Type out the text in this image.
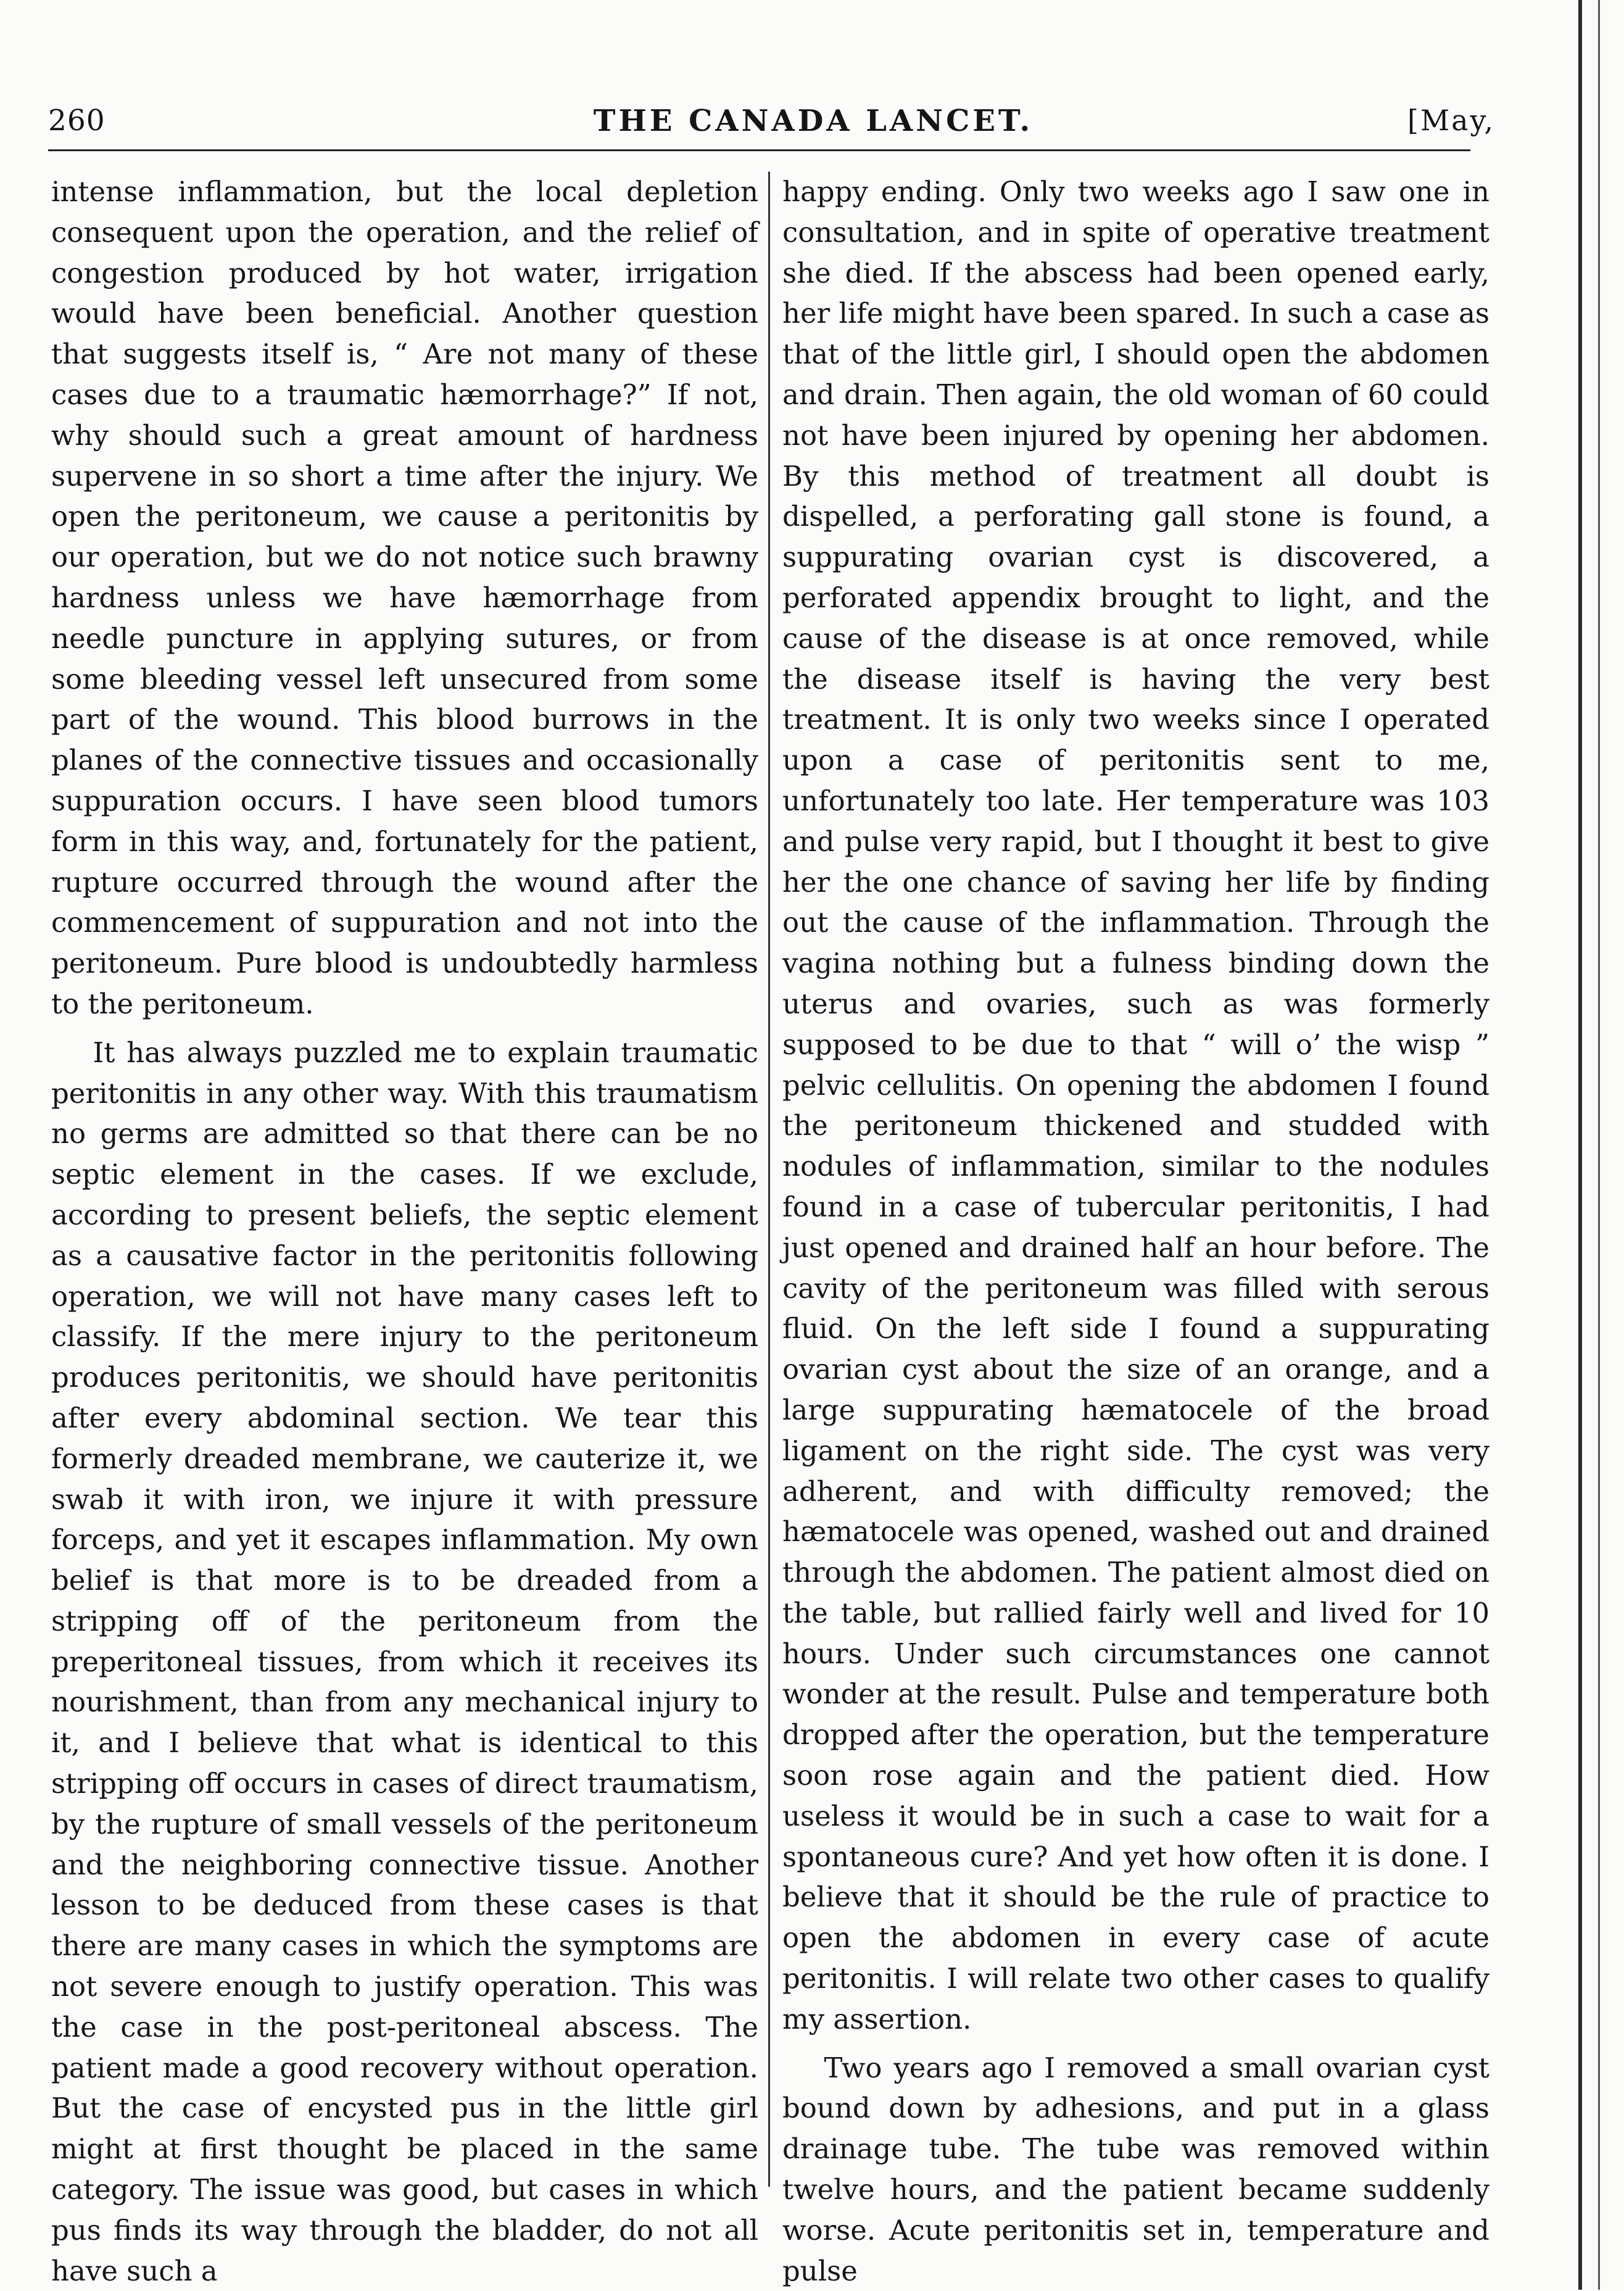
260	THE CANADA LANCET.	[May,

intense inflammation, but the local depletion consequent upon the operation, and the relief of congestion produced by hot water, irrigation would have been beneficial. Another question that suggests itself is, “ Are not many of these cases due to a traumatic hæmorrhage?” If not, why should such a great amount of hardness supervene in so short a time after the injury. We open the peritoneum, we cause a peritonitis by our operation, but we do not notice such brawny hardness unless we have hæmorrhage from needle puncture in applying sutures, or from some bleeding vessel left unsecured from some part of the wound. This blood burrows in the planes of the connective tissues and occasionally suppuration occurs. I have seen blood tumors form in this way, and, fortunately for the patient, rupture occurred through the wound after the commencement of suppuration and not into the peritoneum. Pure blood is undoubtedly harmless to the peritoneum.

It has always puzzled me to explain traumatic peritonitis in any other way. With this traumatism no germs are admitted so that there can be no septic element in the cases. If we exclude, according to present beliefs, the septic element as a causative factor in the peritonitis following operation, we will not have many cases left to classify. If the mere injury to the peritoneum produces peritonitis, we should have peritonitis after every abdominal section. We tear this formerly dreaded membrane, we cauterize it, we swab it with iron, we injure it with pressure forceps, and yet it escapes inflammation. My own belief is that more is to be dreaded from a stripping off of the peritoneum from the preperitoneal tissues, from which it receives its nourishment, than from any mechanical injury to it, and I believe that what is identical to this stripping off occurs in cases of direct traumatism, by the rupture of small vessels of the peritoneum and the neighboring connective tissue. Another lesson to be deduced from these cases is that there are many cases in which the symptoms are not severe enough to justify operation. This was the case in the post-peritoneal abscess. The patient made a good recovery without operation. But the case of encysted pus in the little girl might at first thought be placed in the same category. The issue was good, but cases in which pus finds its way through the bladder, do not all have such a

happy ending. Only two weeks ago I saw one in consultation, and in spite of operative treatment she died. If the abscess had been opened early, her life might have been spared. In such a case as that of the little girl, I should open the abdomen and drain. Then again, the old woman of 60 could not have been injured by opening her abdomen. By this method of treatment all doubt is dispelled, a perforating gall stone is found, a suppurating ovarian cyst is discovered, a perforated appendix brought to light, and the cause of the disease is at once removed, while the disease itself is having the very best treatment. It is only two weeks since I operated upon a case of peritonitis sent to me, unfortunately too late. Her temperature was 103 and pulse very rapid, but I thought it best to give her the one chance of saving her life by finding out the cause of the inflammation. Through the vagina nothing but a fulness binding down the uterus and ovaries, such as was formerly supposed to be due to that “ will o’ the wisp ” pelvic cellulitis. On opening the abdomen I found the peritoneum thickened and studded with nodules of inflammation, similar to the nodules found in a case of tubercular peritonitis, I had just opened and drained half an hour before. The cavity of the peritoneum was filled with serous fluid. On the left side I found a suppurating ovarian cyst about the size of an orange, and a large suppurating hæmatocele of the broad ligament on the right side. The cyst was very adherent, and with difficulty removed; the hæmatocele was opened, washed out and drained through the abdomen. The patient almost died on the table, but rallied fairly well and lived for 10 hours. Under such circumstances one cannot wonder at the result. Pulse and temperature both dropped after the operation, but the temperature soon rose again and the patient died. How useless it would be in such a case to wait for a spontaneous cure? And yet how often it is done. I believe that it should be the rule of practice to open the abdomen in every case of acute peritonitis. I will relate two other cases to qualify my assertion.

Two years ago I removed a small ovarian cyst bound down by adhesions, and put in a glass drainage tube. The tube was removed within twelve hours, and the patient became suddenly worse. Acute peritonitis set in, temperature and pulse
